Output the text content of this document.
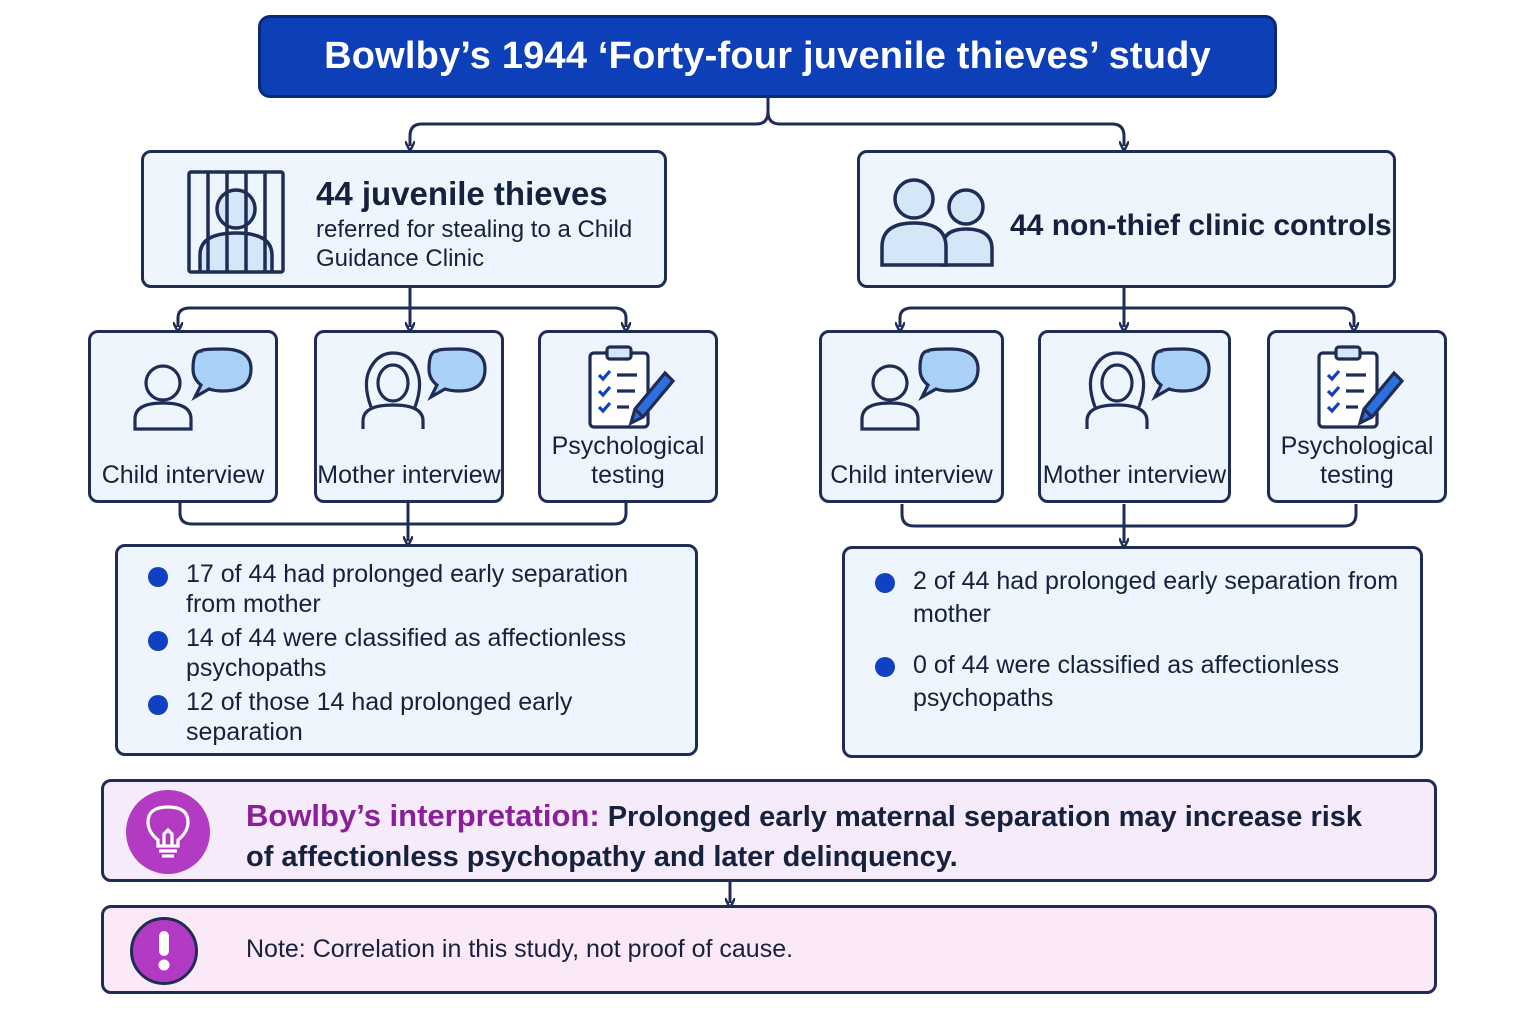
Bowlby’s 1944 ‘Forty-four juvenile thieves’ study
44 juvenile thieves
referred for stealing to a Child Guidance Clinic
44 non-thief clinic controls
Child interview	Mother interview
Psychological testing	Child interview	Mother interview
Psychological testing
17 of 44 had prolonged early separation from mother
14 of 44 were classified as affectionless psychopaths
12 of those 14 had prolonged early separation
2 of 44 had prolonged early separation from mother
0 of 44 were classified as affectionless psychopaths
Bowlby’s interpretation: Prolonged early maternal separation may increase risk of affectionless psychopathy and later delinquency.
Note: Correlation in this study, not proof of cause.
